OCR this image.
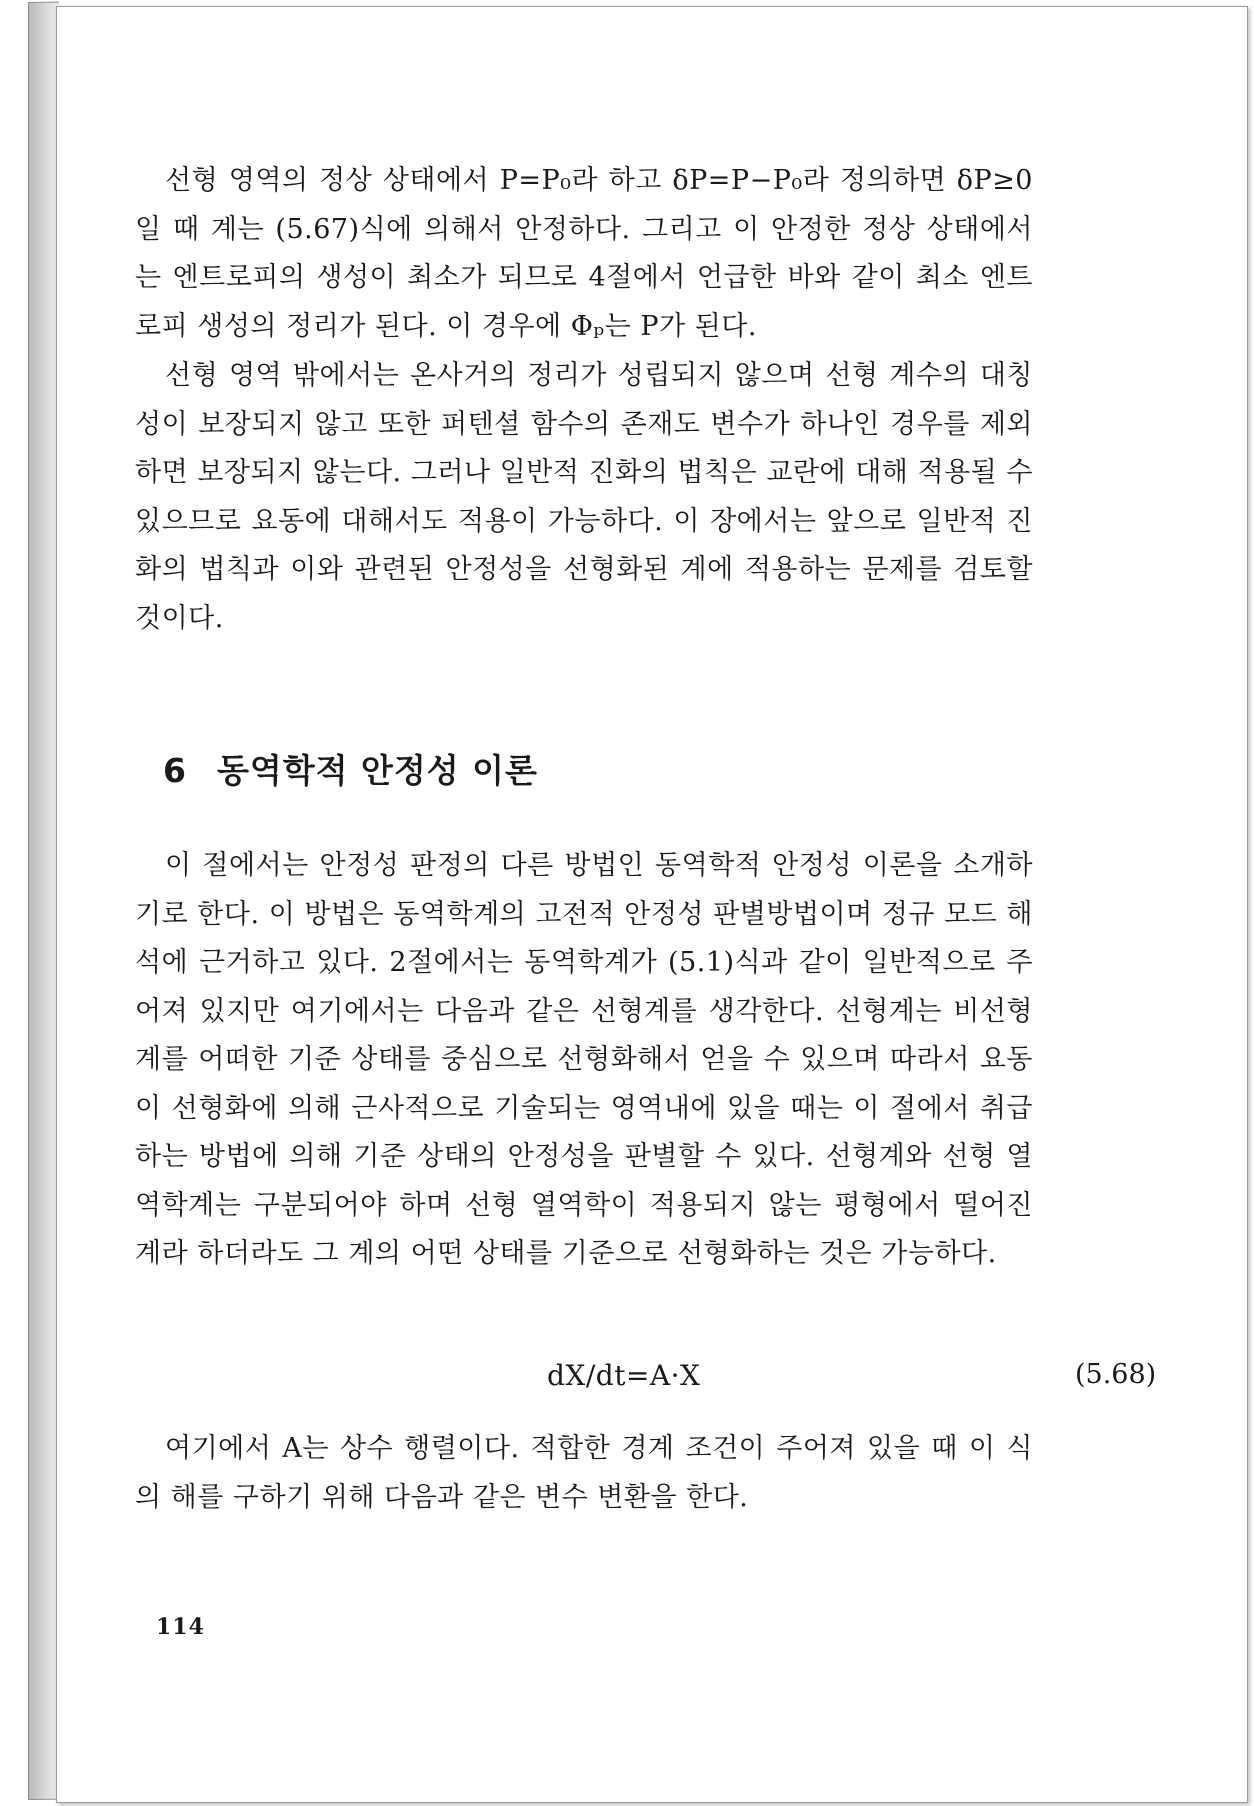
선형 영역의 정상 상태에서 P=P₀라 하고 δP=P−P₀라 정의하면 δP≥0일 때 계는 (5.67)식에 의해서 안정하다. 그리고 이 안정한 정상 상태에서는 엔트로피의 생성이 최소가 되므로 4절에서 언급한 바와 같이 최소 엔트로피 생성의 정리가 된다. 이 경우에 Φₚ는 P가 된다.

선형 영역 밖에서는 온사거의 정리가 성립되지 않으며 선형 계수의 대칭성이 보장되지 않고 또한 퍼텐셜 함수의 존재도 변수가 하나인 경우를 제외하면 보장되지 않는다. 그러나 일반적 진화의 법칙은 교란에 대해 적용될 수 있으므로 요동에 대해서도 적용이 가능하다. 이 장에서는 앞으로 일반적 진화의 법칙과 이와 관련된 안정성을 선형화된 계에 적용하는 문제를 검토할 것이다.

6 동역학적 안정성 이론

이 절에서는 안정성 판정의 다른 방법인 동역학적 안정성 이론을 소개하기로 한다. 이 방법은 동역학계의 고전적 안정성 판별방법이며 정규 모드 해석에 근거하고 있다. 2절에서는 동역학계가 (5.1)식과 같이 일반적으로 주어져 있지만 여기에서는 다음과 같은 선형계를 생각한다. 선형계는 비선형계를 어떠한 기준 상태를 중심으로 선형화해서 얻을 수 있으며 따라서 요동이 선형화에 의해 근사적으로 기술되는 영역내에 있을 때는 이 절에서 취급하는 방법에 의해 기준 상태의 안정성을 판별할 수 있다. 선형계와 선형 열역학계는 구분되어야 하며 선형 열역학이 적용되지 않는 평형에서 떨어진 계라 하더라도 그 계의 어떤 상태를 기준으로 선형화하는 것은 가능하다.

dX/dt=A·X	(5.68)

여기에서 A는 상수 행렬이다. 적합한 경계 조건이 주어져 있을 때 이 식의 해를 구하기 위해 다음과 같은 변수 변환을 한다.

114
